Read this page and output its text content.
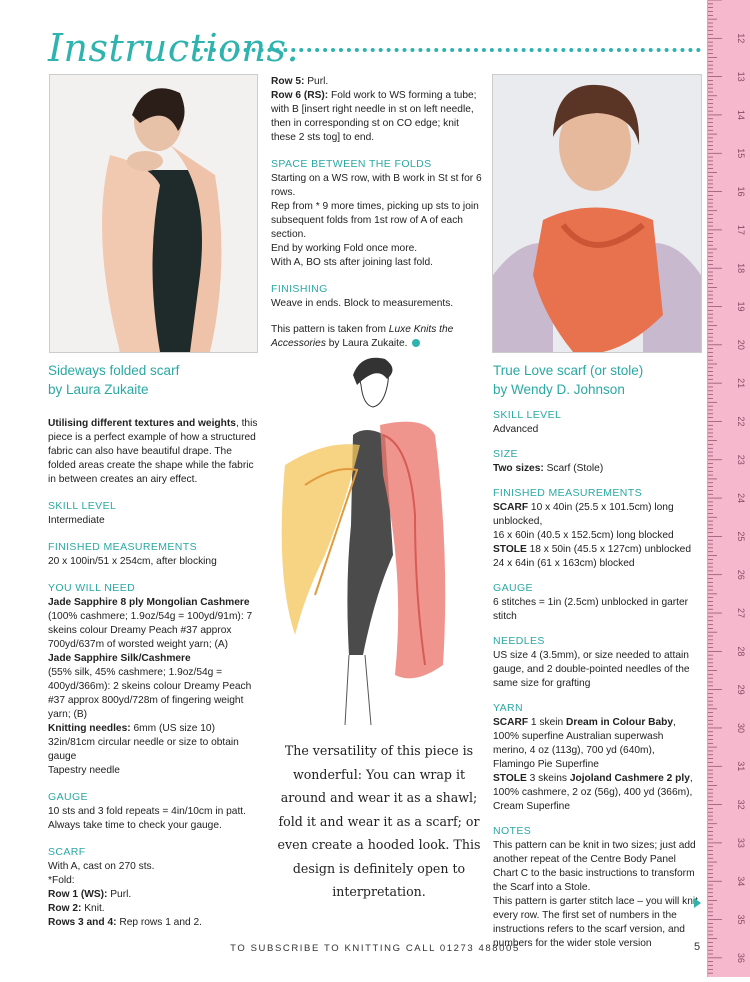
Instructions.
Sideways folded scarf
by Laura Zukaite

Utilising different textures and weights, this piece is a perfect example of how a structured fabric can also have beautiful drape. The folded areas create the shape while the fabric in between creates an airy effect.

SKILL LEVEL

Intermediate

FINISHED MEASUREMENTS

20 x 100in/51 x 254cm, after blocking

YOU WILL NEED

Jade Sapphire 8 ply Mongolian Cashmere

(100% cashmere; 1.9oz/54g = 100yd/91m): 7 skeins colour Dreamy Peach #37 approx 700yd/637m of worsted weight yarn; (A)

Jade Sapphire Silk/Cashmere

(55% silk, 45% cashmere; 1.9oz/54g = 400yd/366m): 2 skeins colour Dreamy Peach #37 approx 800yd/728m of fingering weight yarn; (B)

Knitting needles: 6mm (US size 10) 32in/81cm circular needle or size to obtain gauge

Tapestry needle

GAUGE

10 sts and 3 fold repeats = 4in/10cm in patt.

Always take time to check your gauge.

SCARF

With A, cast on 270 sts.

*Fold:

Row 1 (WS): Purl.

Row 2: Knit.

Rows 3 and 4: Rep rows 1 and 2.

Row 5: Purl.

Row 6 (RS): Fold work to WS forming a tube; with B [insert right needle in st on left needle, then in corresponding st on CO edge; knit these 2 sts tog] to end.

SPACE BETWEEN THE FOLDS

Starting on a WS row, with B work in St st for 6 rows.

Rep from * 9 more times, picking up sts to join subsequent folds from 1st row of A of each section.

End by working Fold once more.

With A, BO sts after joining last fold.

FINISHING

Weave in ends. Block to measurements.

This pattern is taken from Luxe Knits the Accessories by Laura Zukaite.

The versatility of this piece is wonderful: You can wrap it around and wear it as a shawl; fold it and wear it as a scarf; or even create a hooded look. This design is definitely open to interpretation.
True Love scarf (or stole)
by Wendy D. Johnson
SKILL LEVEL

Advanced

SIZE

Two sizes: Scarf (Stole)

FINISHED MEASUREMENTS

SCARF 10 x 40in (25.5 x 101.5cm) long unblocked,

16 x 60in (40.5 x 152.5cm) long blocked

STOLE 18 x 50in (45.5 x 127cm) unblocked

24 x 64in (61 x 163cm) blocked

GAUGE

6 stitches = 1in (2.5cm) unblocked in garter stitch

NEEDLES

US size 4 (3.5mm), or size needed to attain gauge, and 2 double-pointed needles of the same size for grafting

YARN

SCARF 1 skein Dream in Colour Baby, 100% superfine Australian superwash merino, 4 oz (113g), 700 yd (640m), Flamingo Pie Superfine

STOLE 3 skeins Jojoland Cashmere 2 ply, 100% cashmere, 2 oz (56g), 400 yd (366m), Cream Superfine

NOTES

This pattern can be knit in two sizes; just add another repeat of the Centre Body Panel Chart C to the basic instructions to transform the Scarf into a Stole.

This pattern is garter stitch lace – you will knit every row. The first set of numbers in the instructions refers to the scarf version, and numbers for the wider stole version

TO SUBSCRIBE TO KNITTING CALL 01273 488005	5
12
13
14
15
16
17
18
19
20
21
22
23
24
25
26
27
28
29
30
31
32
33
34
35
36
